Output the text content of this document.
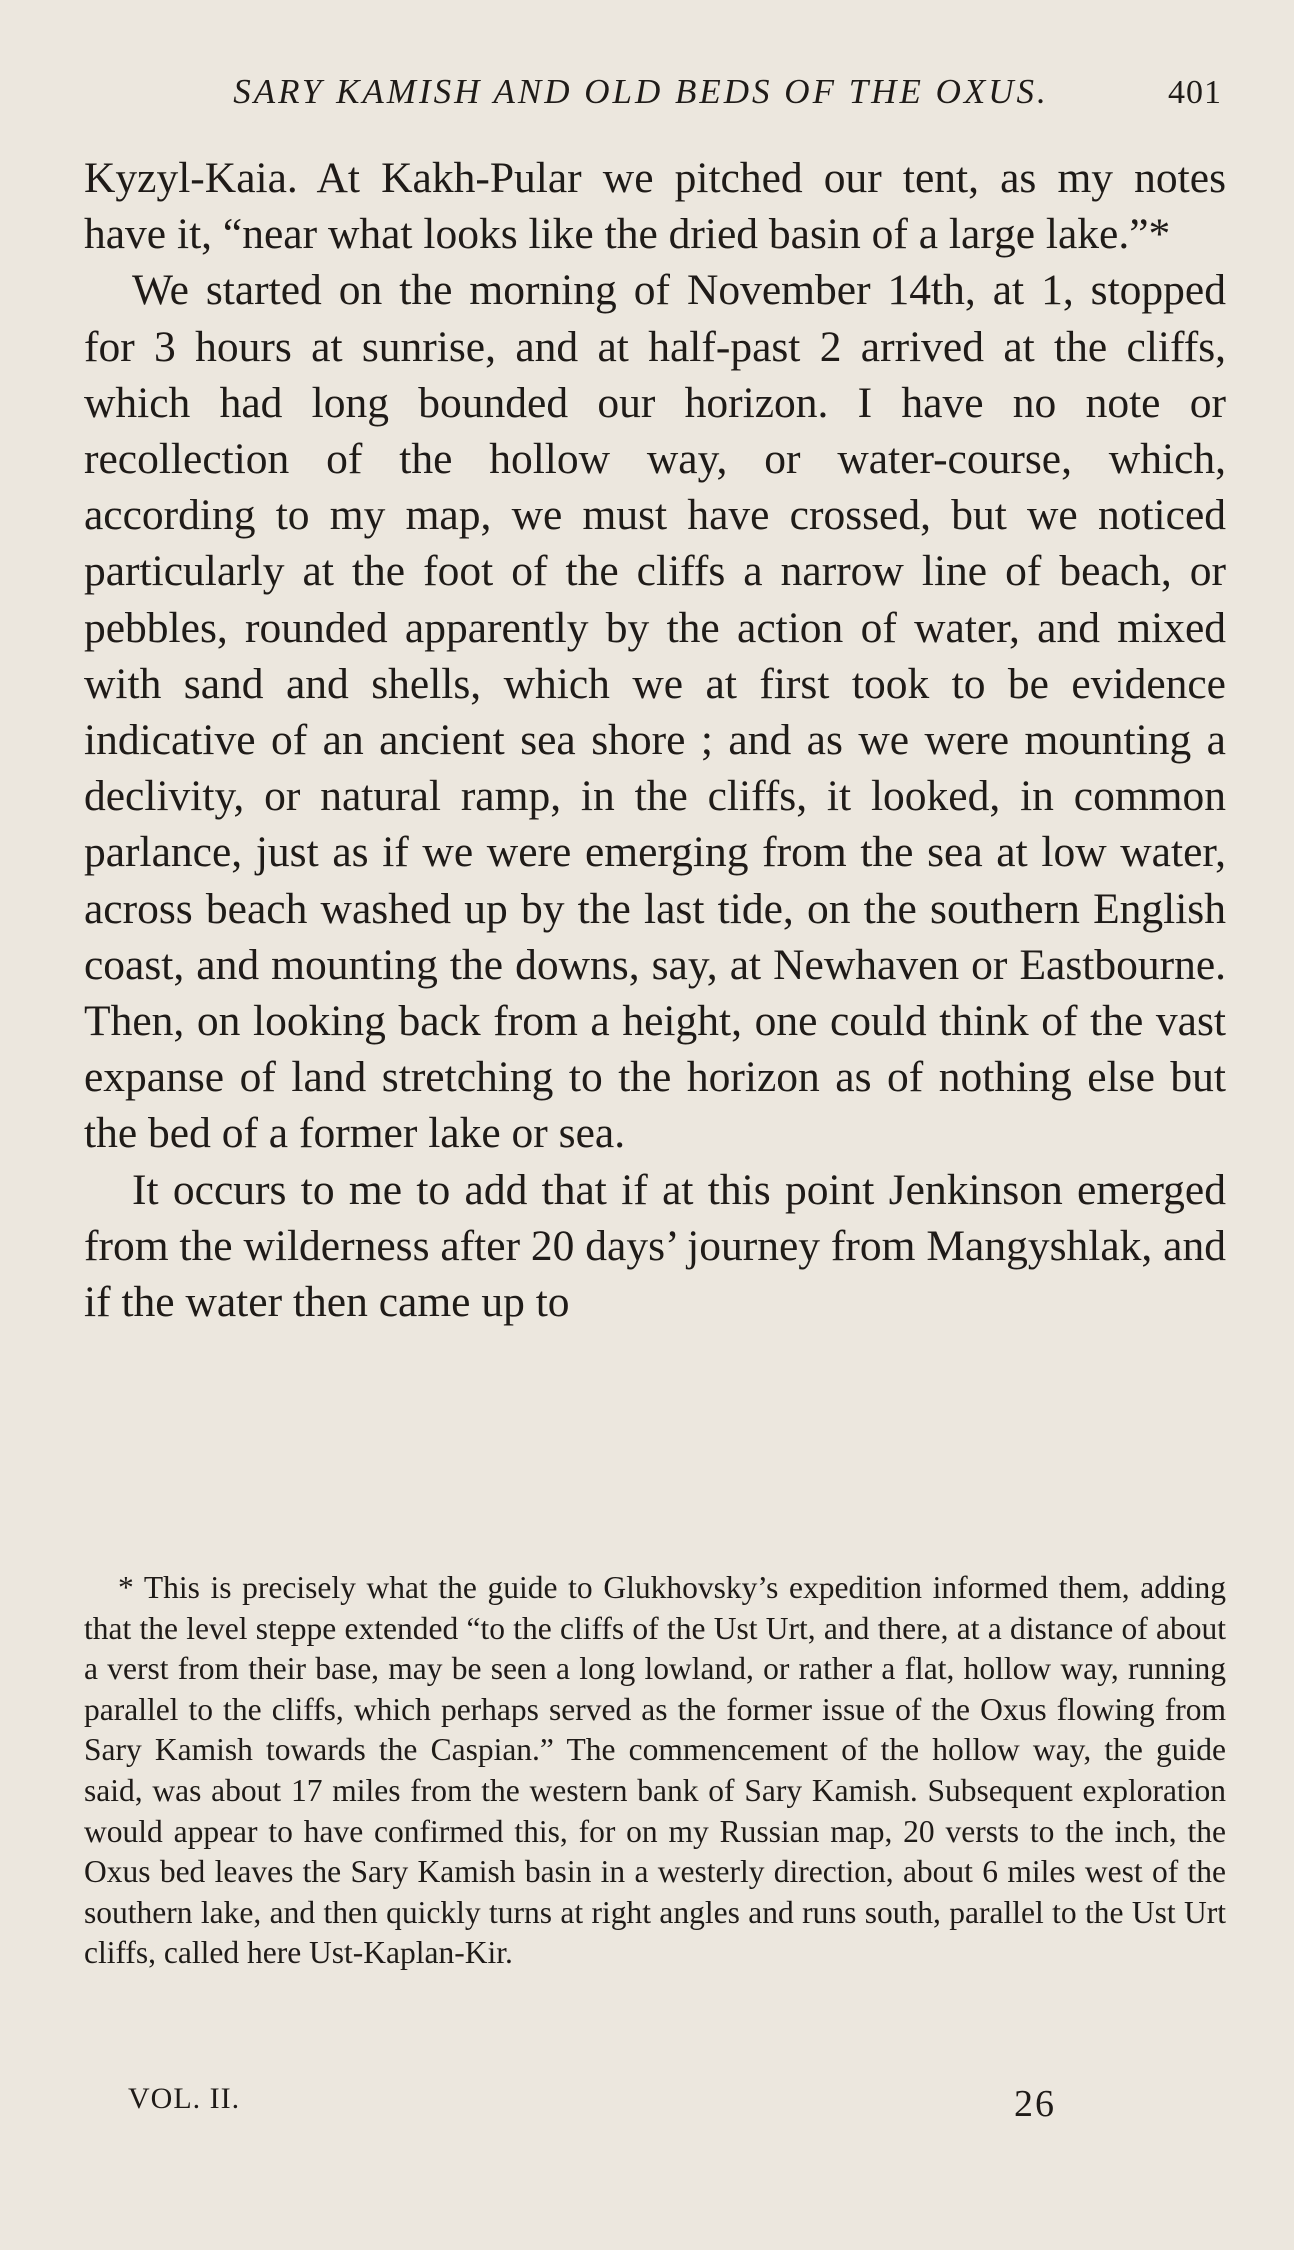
SARY KAMISH AND OLD BEDS OF THE OXUS.	401

Kyzyl-Kaia. At Kakh-Pular we pitched our tent, as my notes have it, “near what looks like the dried basin of a large lake.”*

We started on the morning of November 14th, at 1, stopped for 3 hours at sunrise, and at half-past 2 arrived at the cliffs, which had long bounded our horizon. I have no note or recollection of the hollow way, or water-course, which, according to my map, we must have crossed, but we noticed particularly at the foot of the cliffs a narrow line of beach, or pebbles, rounded apparently by the action of water, and mixed with sand and shells, which we at first took to be evidence indicative of an ancient sea shore ; and as we were mounting a declivity, or natural ramp, in the cliffs, it looked, in common parlance, just as if we were emerging from the sea at low water, across beach washed up by the last tide, on the southern English coast, and mounting the downs, say, at Newhaven or Eastbourne. Then, on looking back from a height, one could think of the vast expanse of land stretching to the horizon as of nothing else but the bed of a former lake or sea.

It occurs to me to add that if at this point Jenkinson emerged from the wilderness after 20 days’ journey from Mangyshlak, and if the water then came up to

* This is precisely what the guide to Glukhovsky’s expedition informed them, adding that the level steppe extended “to the cliffs of the Ust Urt, and there, at a distance of about a verst from their base, may be seen a long lowland, or rather a flat, hollow way, running parallel to the cliffs, which perhaps served as the former issue of the Oxus flowing from Sary Kamish towards the Caspian.” The commencement of the hollow way, the guide said, was about 17 miles from the western bank of Sary Kamish. Subsequent exploration would appear to have confirmed this, for on my Russian map, 20 versts to the inch, the Oxus bed leaves the Sary Kamish basin in a westerly direction, about 6 miles west of the southern lake, and then quickly turns at right angles and runs south, parallel to the Ust Urt cliffs, called here Ust-Kaplan-Kir.

VOL. II.	26
